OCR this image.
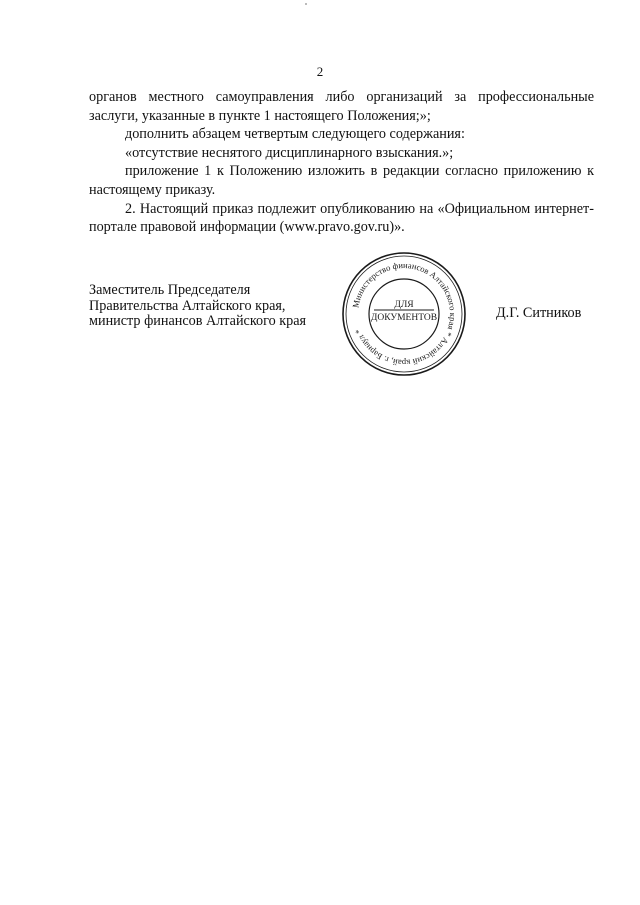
2

органов местного самоуправления либо организаций за профессиональные заслуги, указанные в пункте 1 настоящего Положения;»;

дополнить абзацем четвертым следующего содержания:

«отсутствие неснятого дисциплинарного взыскания.»;

приложение 1 к Положению изложить в редакции согласно приложению к настоящему приказу.

2. Настоящий приказ подлежит опубликованию на «Официальном интернет-портале правовой информации (www.pravo.gov.ru)».

Заместитель Председателя
Правительства Алтайского края,
министр финансов Алтайского края
Министерство финансов Алтайского края * Алтайский край, г. Барнаул *
ДЛЯ
ДОКУМЕНТОВ	Д.Г. Ситников
